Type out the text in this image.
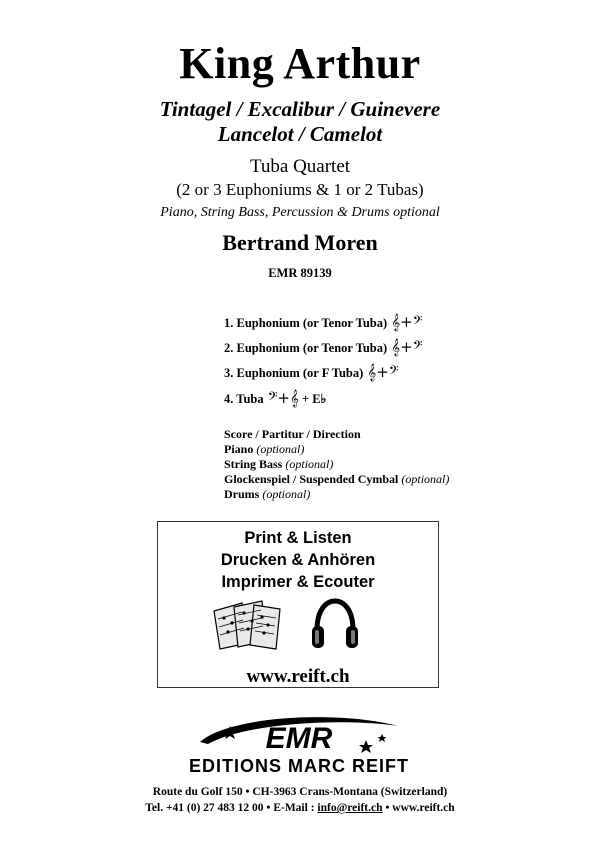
King Arthur
Tintagel / Excalibur / Guinevere
Lancelot / Camelot
Tuba Quartet
(2 or 3 Euphoniums & 1 or 2 Tubas)
Piano, String Bass, Percussion & Drums optional
Bertrand Moren
EMR 89139
1. Euphonium (or Tenor Tuba) 𝄞+𝄢
2. Euphonium (or Tenor Tuba) 𝄞+𝄢
3. Euphonium (or F Tuba) 𝄞+𝄢
4. Tuba 𝄢+𝄞 + E♭
Score / Partitur / Direction
Piano (optional)
String Bass (optional)
Glockenspiel / Suspended Cymbal (optional)
Drums (optional)
Print & Listen
Drucken & Anhören
Imprimer & Ecouter
www.reift.ch
EMR
EDITIONS MARC REIFT
Route du Golf 150 • CH-3963 Crans-Montana (Switzerland)
Tel. +41 (0) 27 483 12 00 • E-Mail : info@reift.ch • www.reift.ch
